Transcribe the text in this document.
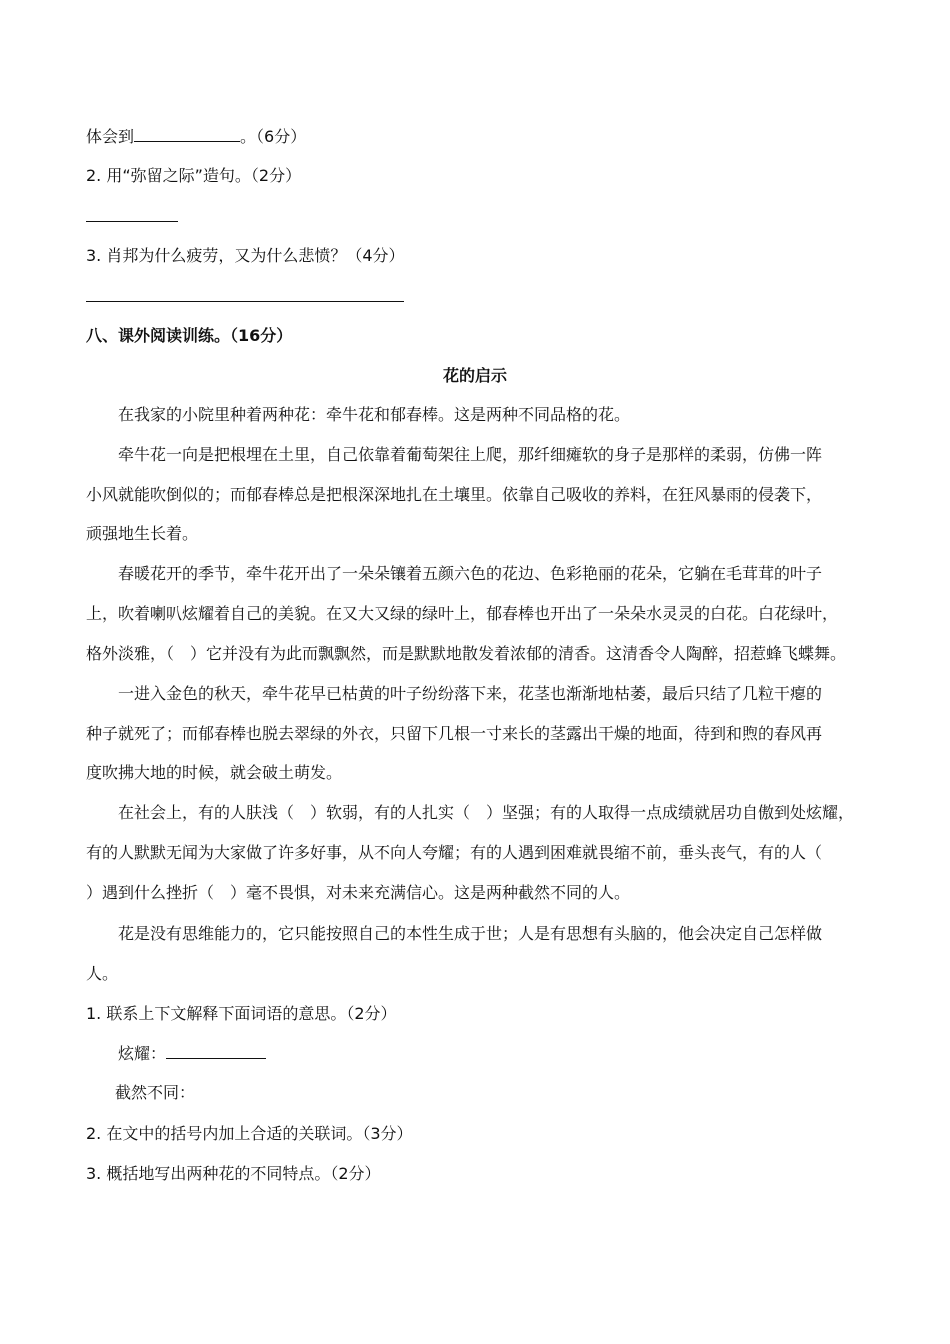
体会到	。（6分）
2. 用“弥留之际”造句。（2分）
3. 肖邦为什么疲劳，又为什么悲愤？（4分）
八、课外阅读训练。（16分）
花的启示
在我家的小院里种着两种花：牵牛花和郁春棒。这是两种不同品格的花。
牵牛花一向是把根埋在土里，自己依靠着葡萄架往上爬，那纤细瘫软的身子是那样的柔弱，仿佛一阵
小风就能吹倒似的；而郁春棒总是把根深深地扎在土壤里。依靠自己吸收的养料，在狂风暴雨的侵袭下，
顽强地生长着。
春暖花开的季节，牵牛花开出了一朵朵镶着五颜六色的花边、色彩艳丽的花朵，它躺在毛茸茸的叶子
上，吹着喇叭炫耀着自己的美貌。在又大又绿的绿叶上，郁春棒也开出了一朵朵水灵灵的白花。白花绿叶，
格外淡雅，（　）它并没有为此而飘飘然，而是默默地散发着浓郁的清香。这清香令人陶醉，招惹蜂飞蝶舞。
一进入金色的秋天，牵牛花早已枯黄的叶子纷纷落下来，花茎也渐渐地枯萎，最后只结了几粒干瘪的
种子就死了；而郁春棒也脱去翠绿的外衣，只留下几根一寸来长的茎露出干燥的地面，待到和煦的春风再
度吹拂大地的时候，就会破土萌发。
在社会上，有的人肤浅（　）软弱，有的人扎实（　）坚强；有的人取得一点成绩就居功自傲到处炫耀，
有的人默默无闻为大家做了许多好事，从不向人夸耀；有的人遇到困难就畏缩不前，垂头丧气，有的人（
）遇到什么挫折（　）毫不畏惧，对未来充满信心。这是两种截然不同的人。
花是没有思维能力的，它只能按照自己的本性生成于世；人是有思想有头脑的，他会决定自己怎样做
人。
1. 联系上下文解释下面词语的意思。（2分）
炫耀：
截然不同：
2. 在文中的括号内加上合适的关联词。（3分）
3. 概括地写出两种花的不同特点。（2分）
